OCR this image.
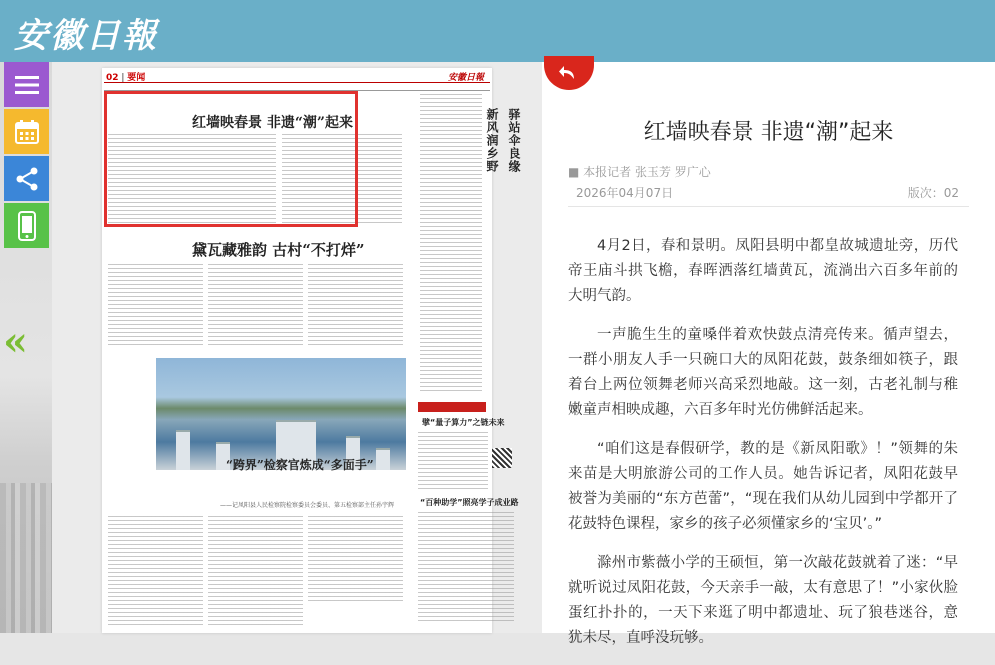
安徽日報
«
02 | 要闻	安徽日報
红墙映春景 非遗“潮”起来	驿站伞良缘
新风润乡野
黛瓦藏雅韵 古村“不打烊”
擘“量子算力”之链未来
“百种助学”照亮学子成业路
“跨界”检察官炼成“多面手”
——记凤阳县人民检察院检察委员会委员、第五检察部主任孙宇辉
红墙映春景 非遗“潮”起来
■ 本报记者 张玉芳 罗广心
2026年04月07日	版次：02

4月2日，春和景明。凤阳县明中都皇故城遗址旁，历代帝王庙斗拱飞檐，春晖洒落红墙黄瓦，流淌出六百多年前的大明气韵。

一声脆生生的童嗓伴着欢快鼓点清亮传来。循声望去，一群小朋友人手一只碗口大的凤阳花鼓，鼓条细如筷子，跟着台上两位领舞老师兴高采烈地敲。这一刻，古老礼制与稚嫩童声相映成趣，六百多年时光仿佛鲜活起来。

“咱们这是春假研学，教的是《新凤阳歌》！”领舞的朱来苗是大明旅游公司的工作人员。她告诉记者，凤阳花鼓早被誉为美丽的“东方芭蕾”，“现在我们从幼儿园到中学都开了花鼓特色课程，家乡的孩子必须懂家乡的‘宝贝’。”

滁州市紫薇小学的王硕恒，第一次敲花鼓就着了迷：“早就听说过凤阳花鼓，今天亲手一敲，太有意思了！”小家伙脸蛋红扑扑的，一天下来逛了明中都遗址、玩了狼巷迷谷，意犹未尽，直呼没玩够。
